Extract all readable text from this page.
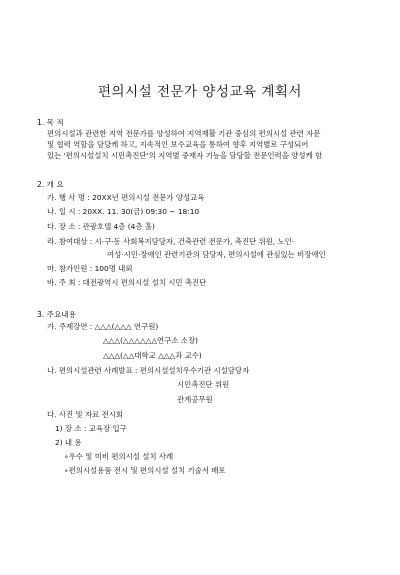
편의시설 전문가 양성교육 계획서
1. 목 적
편의시설과 관련한 지역 전문가를 양성하여 지역재활 기관 중심의 편의시설 관련 자문
및 협력 역할을 담당케 하고, 지속적인 보수교육을 통하여 향후 지역별로 구성되어
있는 '편의시설설치 시민촉진단'의 지역별 중재자 기능을 담당할 전문인력을 양성케 함
2. 개 요
가. 행 사 명 : 20XX년 편의시설 전문가 양성교육
나. 일 시 : 20XX. 11. 30(금) 09:30 ~ 18:10
다. 장 소 : 관광호텔 4층 (4층 홀)
라. 참여대상 : 시·구·동 사회복지담당자, 건축관련 전문가, 촉진단 위원, 노인·
여성·시민·장애인 관련기관의 담당자, 편의시설에 관심있는 비장애인
마. 참가인원 : 100명 내외
바. 주 최 : 대전광역시 편의시설 설치 시민 촉진단
3. 주요내용
가. 주제강연 : △△△(△△△ 연구원)
△△△(△△△△△△연구소 소장)
△△△(△△대학교 △△△과 교수)
나. 편의시설관련 사례발표 : 편의시설설치우수기관 시설담당자
시민촉진단 위원
관계공무원
다. 사진 및 자료 전시회
1) 장 소 : 교육장 입구
2) 내 용
∘우수 및 미비 편의시설 설치 사례
∘편의시설용품 전시 및 편의시설 설치 기술서 배포
